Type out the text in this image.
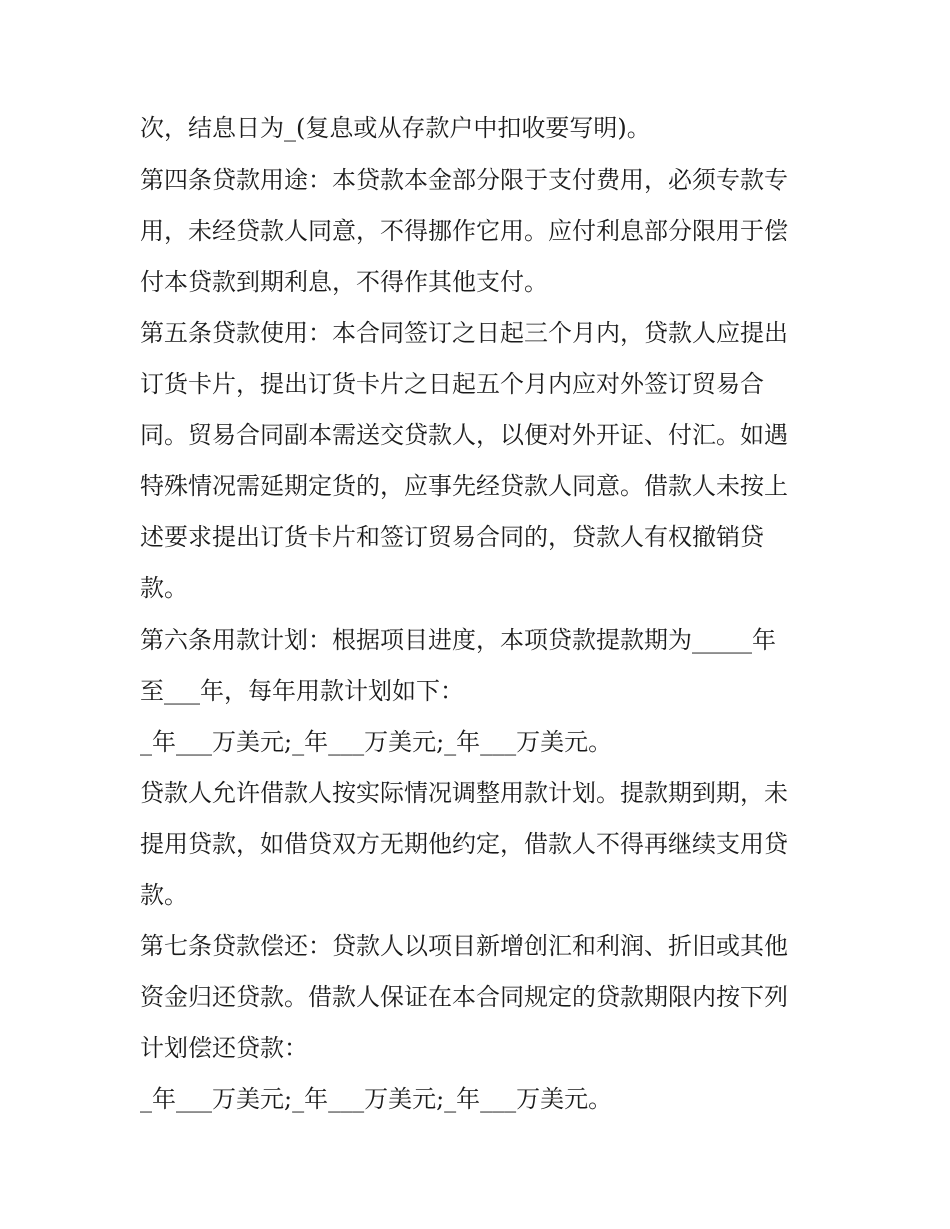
次，结息日为_(复息或从存款户中扣收要写明)。

第四条贷款用途：本贷款本金部分限于支付费用，必须专款专

用，未经贷款人同意，不得挪作它用。应付利息部分限用于偿

付本贷款到期利息，不得作其他支付。

第五条贷款使用：本合同签订之日起三个月内，贷款人应提出

订货卡片，提出订货卡片之日起五个月内应对外签订贸易合

同。贸易合同副本需送交贷款人，以便对外开证、付汇。如遇

特殊情况需延期定货的，应事先经贷款人同意。借款人未按上

述要求提出订货卡片和签订贸易合同的，贷款人有权撤销贷

款。

第六条用款计划：根据项目进度，本项贷款提款期为_____年

至___年，每年用款计划如下：

_年___万美元;_年___万美元;_年___万美元。

贷款人允许借款人按实际情况调整用款计划。提款期到期，未

提用贷款，如借贷双方无期他约定，借款人不得再继续支用贷

款。

第七条贷款偿还：贷款人以项目新增创汇和利润、折旧或其他

资金归还贷款。借款人保证在本合同规定的贷款期限内按下列

计划偿还贷款：

_年___万美元;_年___万美元;_年___万美元。
